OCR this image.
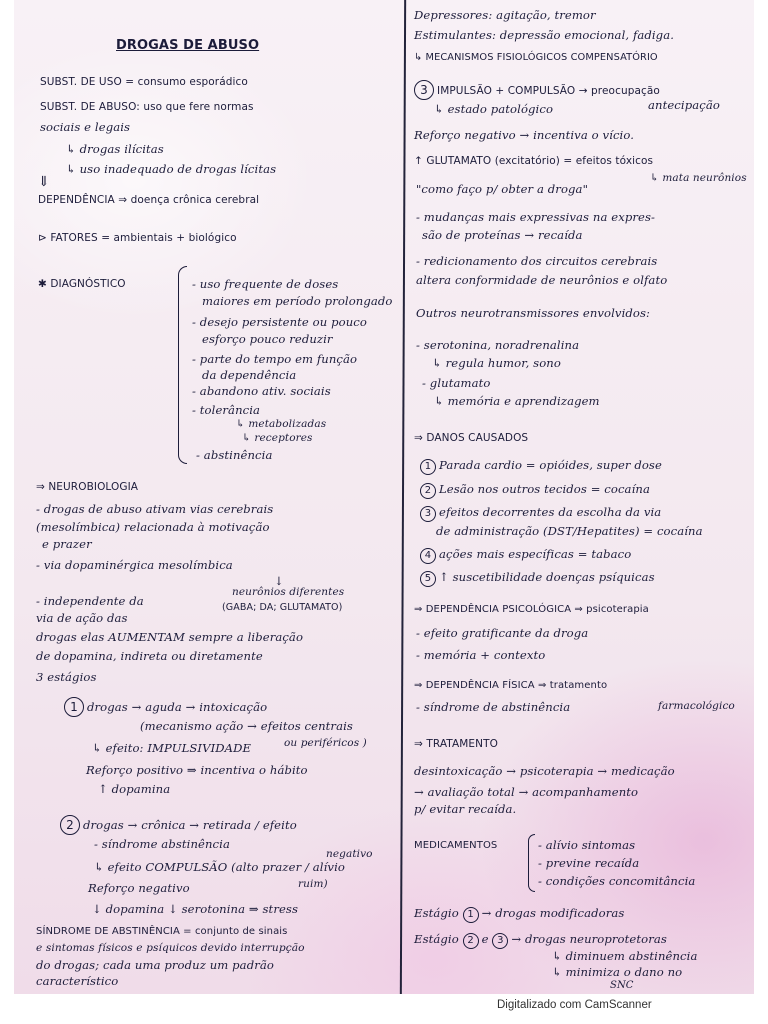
DROGAS DE ABUSO

SUBST. DE USO = consumo esporádico

SUBST. DE ABUSO: uso que fere normas

sociais e legais

↳ drogas ilícitas

↳ uso inadequado de drogas lícitas

⇓

DEPENDÊNCIA ⇒ doença crônica cerebral

⊳ FATORES = ambientais + biológico

✱ DIAGNÓSTICO	- uso frequente de doses

maiores em período prolongado

- desejo persistente ou pouco

esforço pouco reduzir

- parte do tempo em função

da dependência

- abandono ativ. sociais

- tolerância

↳ metabolizadas

↳ receptores

- abstinência

⇒ NEUROBIOLOGIA

- drogas de abuso ativam vias cerebrais

(mesolímbica) relacionada à motivação

e prazer

- via dopaminérgica mesolímbica

↓

neurônios diferentes

- independente da	(GABA; DA; GLUTAMATO)

via de ação das

drogas elas AUMENTAM sempre a liberação

de dopamina, indireta ou diretamente

3 estágios

1 drogas → aguda → intoxicação

(mecanismo ação → efeitos centrais

ou periféricos )

↳ efeito: IMPULSIVIDADE

Reforço positivo ⇒ incentiva o hábito

↑ dopamina

2 drogas → crônica → retirada / efeito

- síndrome abstinência

negativo

↳ efeito COMPULSÃO (alto prazer / alívio

ruim)

Reforço negativo

↓ dopamina ↓ serotonina ⇒ stress

SÍNDROME DE ABSTINÊNCIA = conjunto de sinais

e sintomas físicos e psíquicos devido interrupção

do drogas; cada uma produz um padrão

característico

Depressores: agitação, tremor

Estimulantes: depressão emocional, fadiga.

↳ MECANISMOS FISIOLÓGICOS COMPENSATÓRIO

3 IMPULSÃO + COMPULSÃO → preocupação

antecipação

↳ estado patológico

Reforço negativo → incentiva o vício.

↑ GLUTAMATO (excitatório) = efeitos tóxicos

↳ mata neurônios

"como faço p/ obter a droga"

- mudanças mais expressivas na expres-

são de proteínas → recaída

- redicionamento dos circuitos cerebrais

altera conformidade de neurônios e olfato

Outros neurotransmissores envolvidos:

- serotonina, noradrenalina

↳ regula humor, sono

- glutamato

↳ memória e aprendizagem

⇒ DANOS CAUSADOS

1 Parada cardio = opióides, super dose

2 Lesão nos outros tecidos = cocaína

3 efeitos decorrentes da escolha da via

de administração (DST/Hepatites) = cocaína

4 ações mais específicas = tabaco

5 ↑ suscetibilidade doenças psíquicas

⇒ DEPENDÊNCIA PSICOLÓGICA ⇒ psicoterapia

- efeito gratificante da droga

- memória + contexto

⇒ DEPENDÊNCIA FÍSICA ⇒ tratamento

- síndrome de abstinência	farmacológico

⇒ TRATAMENTO

desintoxicação → psicoterapia → medicação

→ avaliação total → acompanhamento

p/ evitar recaída.

MEDICAMENTOS	- alívio sintomas

- previne recaída

- condições concomitância

Estágio 1 → drogas modificadoras

Estágio 2 e 3 → drogas neuroprotetoras

↳ diminuem abstinência

↳ minimiza o dano no

SNC

Digitalizado com CamScanner
